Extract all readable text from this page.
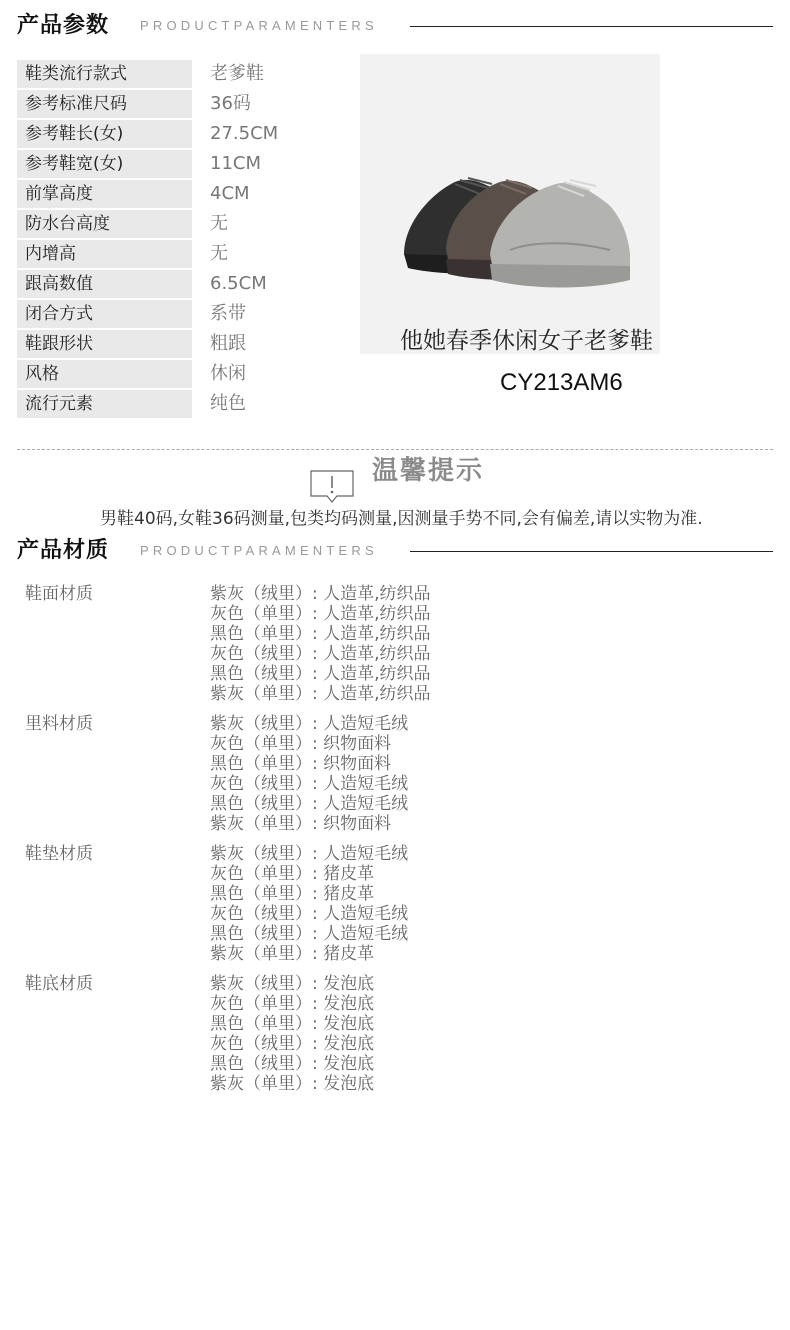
产品参数 PRODUCTPARAMENTERS
鞋类流行款式	老爹鞋
参考标准尺码	36码
参考鞋长(女)	27.5CM
参考鞋宽(女)	11CM
前掌高度	4CM
防水台高度	无
内增高	无
跟高数值	6.5CM
闭合方式	系带
鞋跟形状	粗跟
风格	休闲
流行元素	纯色
他她春季休闲女子老爹鞋
CY213AM6
温馨提示
男鞋40码,女鞋36码测量,包类均码测量,因测量手势不同,会有偏差,请以实物为准.
产品材质 PRODUCTPARAMENTERS
鞋面材质	紫灰（绒里）: 人造革,纺织品
灰色（单里）: 人造革,纺织品
黑色（单里）: 人造革,纺织品
灰色（绒里）: 人造革,纺织品
黑色（绒里）: 人造革,纺织品
紫灰（单里）: 人造革,纺织品
里料材质	紫灰（绒里）: 人造短毛绒
灰色（单里）: 织物面料
黑色（单里）: 织物面料
灰色（绒里）: 人造短毛绒
黑色（绒里）: 人造短毛绒
紫灰（单里）: 织物面料
鞋垫材质	紫灰（绒里）: 人造短毛绒
灰色（单里）: 猪皮革
黑色（单里）: 猪皮革
灰色（绒里）: 人造短毛绒
黑色（绒里）: 人造短毛绒
紫灰（单里）: 猪皮革
鞋底材质	紫灰（绒里）: 发泡底
灰色（单里）: 发泡底
黑色（单里）: 发泡底
灰色（绒里）: 发泡底
黑色（绒里）: 发泡底
紫灰（单里）: 发泡底
